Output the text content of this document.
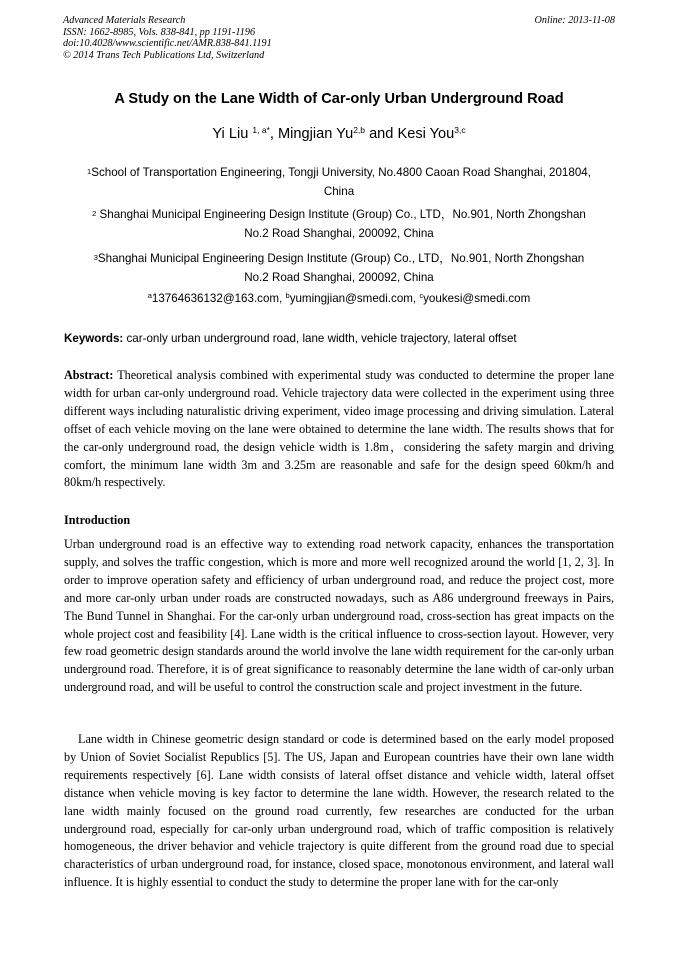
Advanced Materials Research
ISSN: 1662-8985, Vols. 838-841, pp 1191-1196
doi:10.4028/www.scientific.net/AMR.838-841.1191
© 2014 Trans Tech Publications Ltd, Switzerland
Online: 2013-11-08
A Study on the Lane Width of Car-only Urban Underground Road
Yi Liu $^{1, a*}$, Mingjian Yu$^{2,b}$ and Kesi You$^{3,c}$
$^1$School of Transportation Engineering, Tongji University, No.4800 Caoan Road Shanghai, 201804,
China
$^2$ Shanghai Municipal Engineering Design Institute (Group) Co., LTD，No.901, North Zhongshan
No.2 Road Shanghai, 200092, China
$^3$Shanghai Municipal Engineering Design Institute (Group) Co., LTD，No.901, North Zhongshan
No.2 Road Shanghai, 200092, China
$^a$13764636132@163.com, $^b$yumingjian@smedi.com, $^c$youkesi@smedi.com
Keywords: car-only urban underground road, lane width, vehicle trajectory, lateral offset
Abstract: Theoretical analysis combined with experimental study was conducted to determine the proper lane width for urban car-only underground road. Vehicle trajectory data were collected in the experiment using three different ways including naturalistic driving experiment, video image processing and driving simulation. Lateral offset of each vehicle moving on the lane were obtained to determine the lane width. The results shows that for the car-only underground road, the design vehicle width is 1.8m，considering the safety margin and driving comfort, the minimum lane width 3m and 3.25m are reasonable and safe for the design speed 60km/h and 80km/h respectively.
Introduction
Urban underground road is an effective way to extending road network capacity, enhances the transportation supply, and solves the traffic congestion, which is more and more well recognized around the world [1, 2, 3]. In order to improve operation safety and efficiency of urban underground road, and reduce the project cost, more and more car-only urban under roads are constructed nowadays, such as A86 underground freeways in Pairs, The Bund Tunnel in Shanghai. For the car-only urban underground road, cross-section has great impacts on the whole project cost and feasibility [4]. Lane width is the critical influence to cross-section layout. However, very few road geometric design standards around the world involve the lane width requirement for the car-only urban underground road. Therefore, it is of great significance to reasonably determine the lane width of car-only urban underground road, and will be useful to control the construction scale and project investment in the future.
Lane width in Chinese geometric design standard or code is determined based on the early model proposed by Union of Soviet Socialist Republics [5]. The US, Japan and European countries have their own lane width requirements respectively [6]. Lane width consists of lateral offset distance and vehicle width, lateral offset distance when vehicle moving is key factor to determine the lane width. However, the research related to the lane width mainly focused on the ground road currently, few researches are conducted for the urban underground road, especially for car-only urban underground road, which of traffic composition is relatively homogeneous, the driver behavior and vehicle trajectory is quite different from the ground road due to special characteristics of urban underground road, for instance, closed space, monotonous environment, and lateral wall influence. It is highly essential to conduct the study to determine the proper lane with for the car-only
